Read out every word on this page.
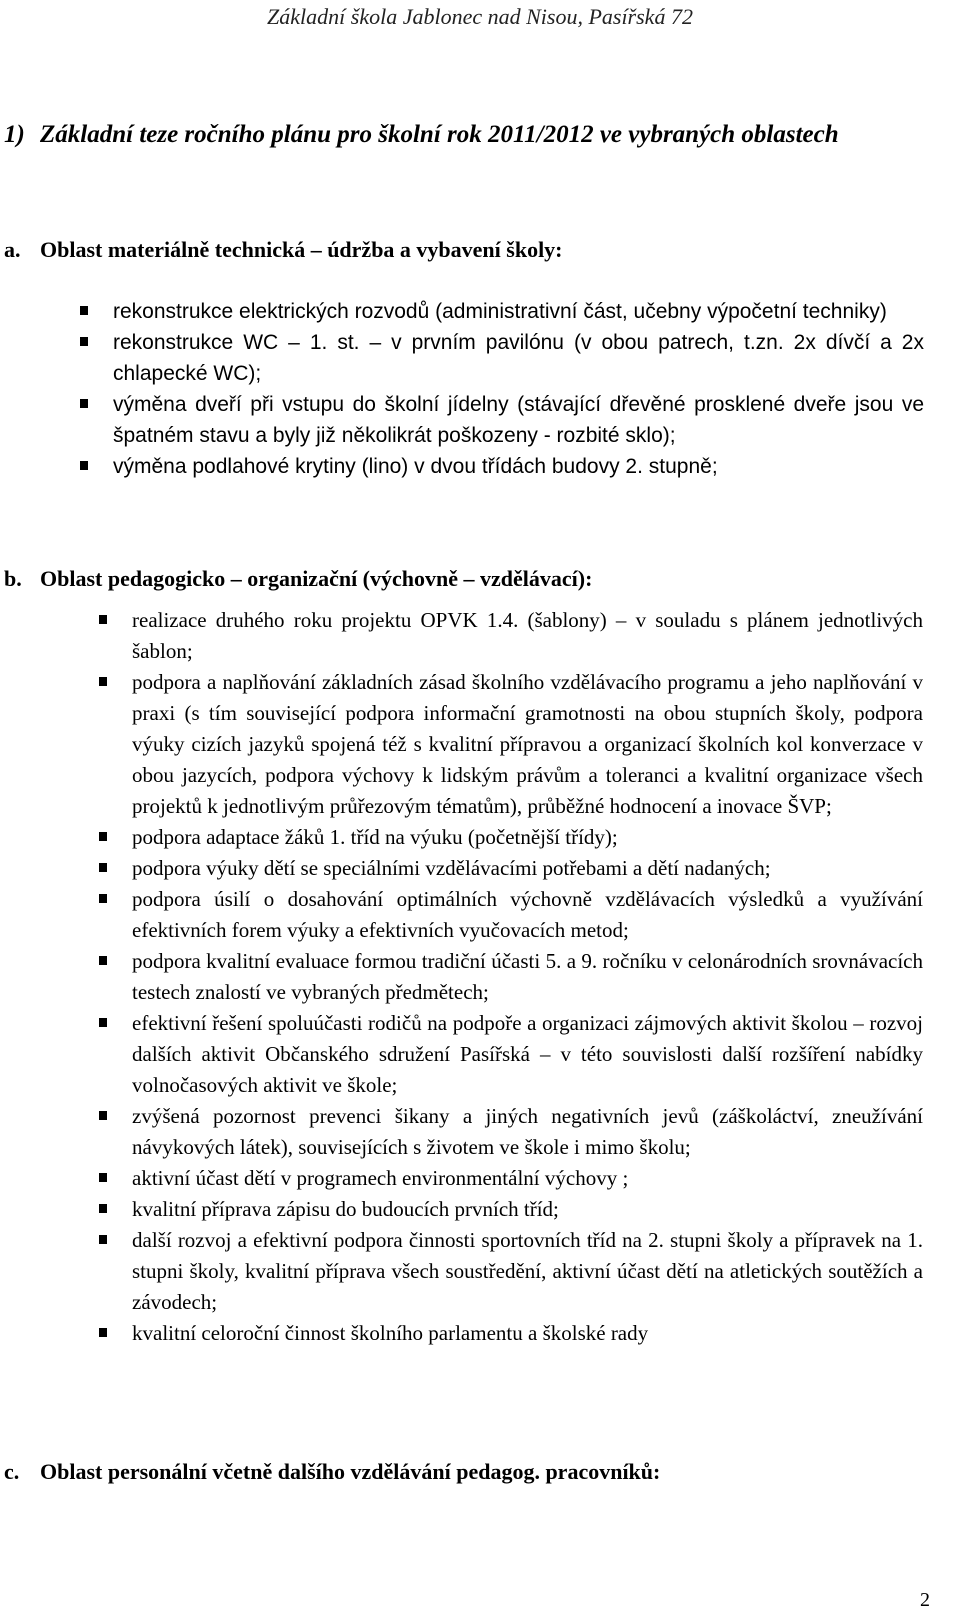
Základní škola Jablonec nad Nisou, Pasířská 72
1) Základní teze ročního plánu pro školní rok 2011/2012 ve vybraných oblastech
a. Oblast materiálně technická – údržba a vybavení školy:
rekonstrukce elektrických rozvodů (administrativní část, učebny výpočetní techniky)
rekonstrukce WC – 1. st. – v prvním pavilónu (v obou patrech, t.zn. 2x dívčí a 2x chlapecké WC);
výměna dveří při vstupu do školní jídelny (stávající dřevěné prosklené dveře jsou ve špatném stavu a byly již několikrát poškozeny - rozbité sklo);
výměna podlahové krytiny (lino) v dvou třídách budovy 2. stupně;
b. Oblast pedagogicko – organizační (výchovně – vzdělávací):
realizace druhého roku projektu OPVK 1.4. (šablony) – v souladu s plánem jednotlivých šablon;
podpora a naplňování základních zásad školního vzdělávacího programu a jeho naplňování v praxi (s tím související podpora informační gramotnosti na obou stupních školy, podpora výuky cizích jazyků spojená též s kvalitní přípravou a organizací školních kol konverzace v obou jazycích, podpora výchovy k lidským právům a toleranci a kvalitní organizace všech projektů k jednotlivým průřezovým tématům), průběžné hodnocení a inovace ŠVP;
podpora adaptace žáků 1. tříd na výuku (početnější třídy);
podpora výuky dětí se speciálními vzdělávacími potřebami a dětí nadaných;
podpora úsilí o dosahování optimálních výchovně vzdělávacích výsledků a využívání efektivních forem výuky a efektivních vyučovacích metod;
podpora kvalitní evaluace formou tradiční účasti 5. a 9. ročníku v celonárodních srovnávacích testech znalostí ve vybraných předmětech;
efektivní řešení spoluúčasti rodičů na podpoře a organizaci zájmových aktivit školou – rozvoj dalších aktivit Občanského sdružení Pasířská – v této souvislosti další rozšíření nabídky volnočasových aktivit ve škole;
zvýšená pozornost prevenci šikany a jiných negativních jevů (záškoláctví, zneužívání návykových látek), souvisejících s životem ve škole i mimo školu;
aktivní účast dětí v programech environmentální výchovy ;
kvalitní příprava zápisu do budoucích prvních tříd;
další rozvoj a efektivní podpora činnosti sportovních tříd na 2. stupni školy a přípravek na 1. stupni školy, kvalitní příprava všech soustředění, aktivní účast dětí na atletických soutěžích a závodech;
kvalitní celoroční činnost školního parlamentu a školské rady
c. Oblast personální včetně dalšího vzdělávání pedagog. pracovníků:
2
